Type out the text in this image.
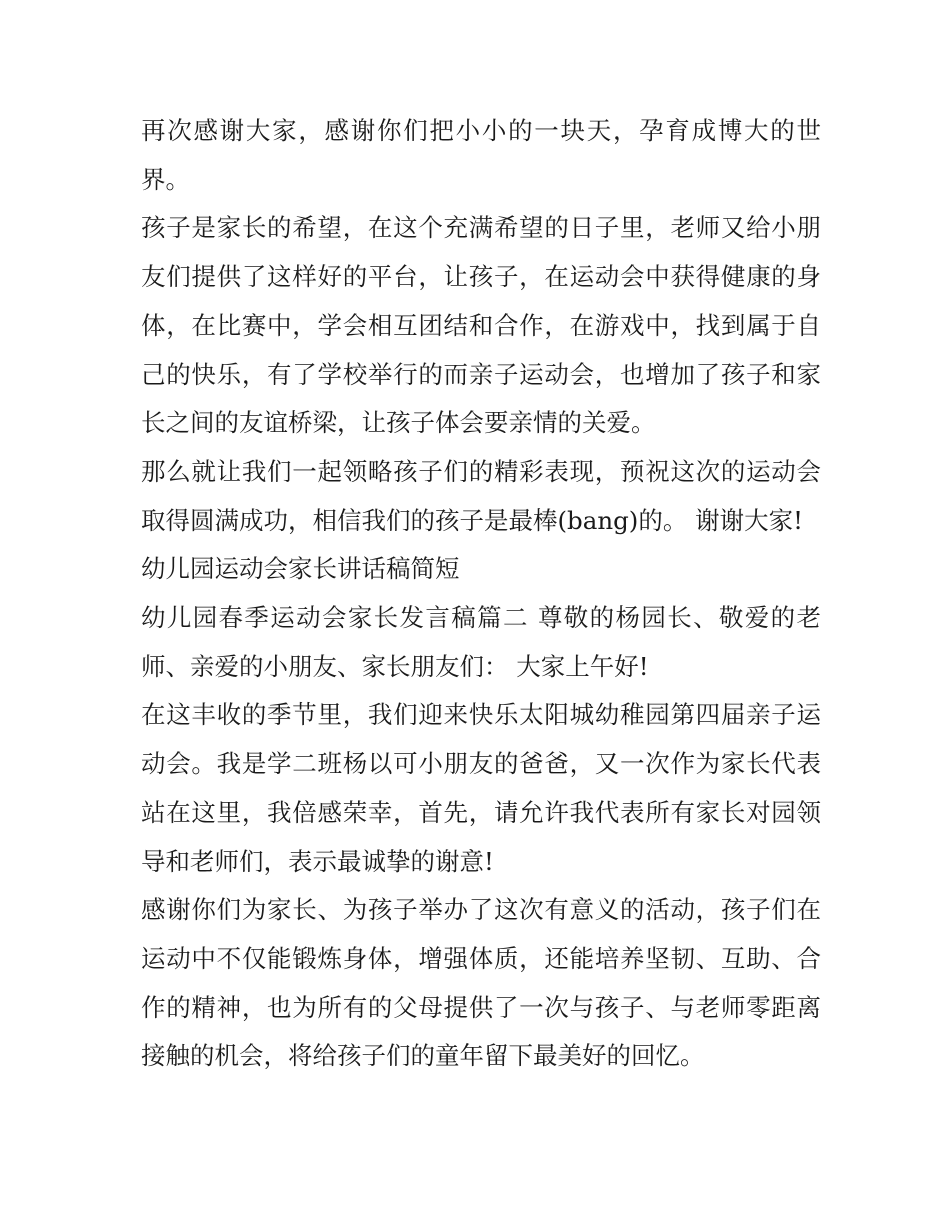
再次感谢大家，感谢你们把小小的一块天，孕育成博大的世界。

孩子是家长的希望，在这个充满希望的日子里，老师又给小朋友们提供了这样好的平台，让孩子，在运动会中获得健康的身体，在比赛中，学会相互团结和合作，在游戏中，找到属于自己的快乐，有了学校举行的而亲子运动会，也增加了孩子和家长之间的友谊桥梁，让孩子体会要亲情的关爱。

那么就让我们一起领略孩子们的精彩表现，预祝这次的运动会取得圆满成功，相信我们的孩子是最棒(bang)的。 谢谢大家!

幼儿园运动会家长讲话稿简短

幼儿园春季运动会家长发言稿篇二 尊敬的杨园长、敬爱的老师、亲爱的小朋友、家长朋友们： 大家上午好!

在这丰收的季节里，我们迎来快乐太阳城幼稚园第四届亲子运动会。我是学二班杨以可小朋友的爸爸，又一次作为家长代表站在这里，我倍感荣幸，首先，请允许我代表所有家长对园领导和老师们，表示最诚挚的谢意!

感谢你们为家长、为孩子举办了这次有意义的活动，孩子们在运动中不仅能锻炼身体，增强体质，还能培养坚韧、互助、合作的精神，也为所有的父母提供了一次与孩子、与老师零距离接触的机会，将给孩子们的童年留下最美好的回忆。
